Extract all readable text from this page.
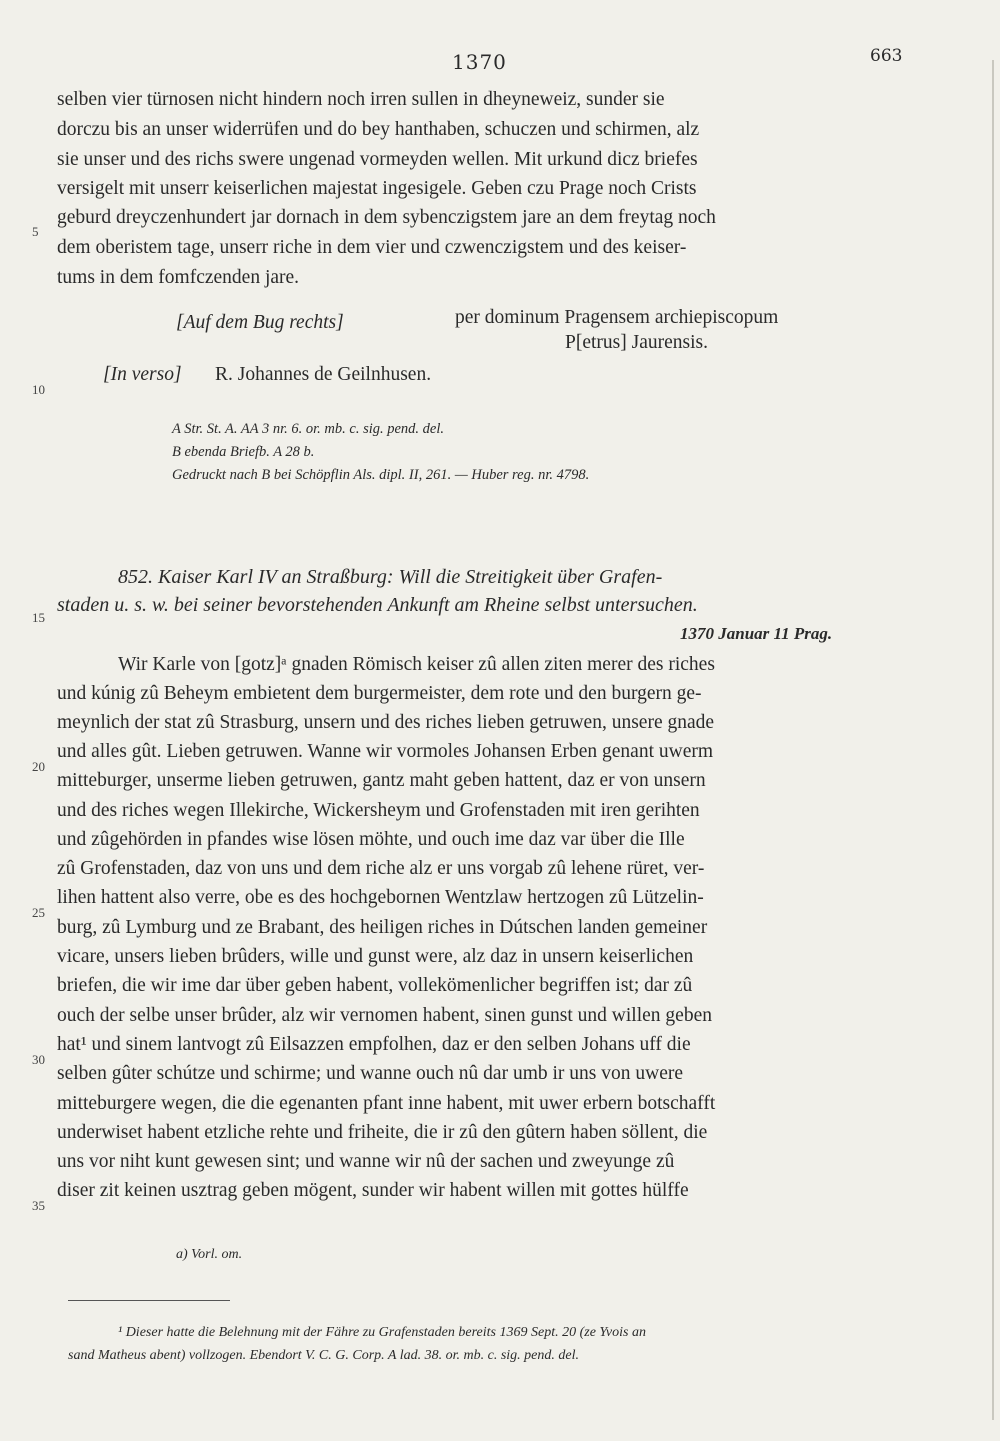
1370	663
selben vier türnosen nicht hindern noch irren sullen in dheyneweiz, sunder sie
dorczu bis an unser widerrüfen und do bey hanthaben, schuczen und schirmen, alz
sie unser und des richs swere ungenad vormeyden wellen. Mit urkund dicz briefes
versigelt mit unserr keiserlichen majestat ingesigele. Geben czu Prage noch Crists
5
geburd dreyczenhundert jar dornach in dem sybenczigstem jare an dem freytag noch
dem oberistem tage, unserr riche in dem vier und czwenczigstem und des keiser-
tums in dem fomfczenden jare.
[Auf dem Bug rechts]	per dominum Pragensem archiepiscopum
P[etrus] Jaurensis.
10
[In verso] R. Johannes de Geilnhusen.
A Str. St. A. AA 3 nr. 6. or. mb. c. sig. pend. del.
B ebenda Briefb. A 28 b.
Gedruckt nach B bei Schöpflin Als. dipl. II, 261. — Huber reg. nr. 4798.
852. Kaiser Karl IV an Straßburg: Will die Streitigkeit über Grafen-
15
staden u. s. w. bei seiner bevorstehenden Ankunft am Rheine selbst untersuchen.
1370 Januar 11 Prag.
Wir Karle von [gotz]ᵃ gnaden Römisch keiser zû allen ziten merer des riches
und kúnig zû Beheym embietent dem burgermeister, dem rote und den burgern ge-
meynlich der stat zû Strasburg, unsern und des riches lieben getruwen, unsere gnade
20
und alles gût. Lieben getruwen. Wanne wir vormoles Johansen Erben genant uwerm
mitteburger, unserme lieben getruwen, gantz maht geben hattent, daz er von unsern
und des riches wegen Illekirche, Wickersheym und Grofenstaden mit iren gerihten
und zûgehörden in pfandes wise lösen möhte, und ouch ime daz var über die Ille
zû Grofenstaden, daz von uns und dem riche alz er uns vorgab zû lehene rüret, ver-
25
lihen hattent also verre, obe es des hochgebornen Wentzlaw hertzogen zû Lützelin-
burg, zû Lymburg und ze Brabant, des heiligen riches in Dútschen landen gemeiner
vicare, unsers lieben brûders, wille und gunst were, alz daz in unsern keiserlichen
briefen, die wir ime dar über geben habent, vollekömenlicher begriffen ist; dar zû
ouch der selbe unser brûder, alz wir vernomen habent, sinen gunst und willen geben
30
hat¹ und sinem lantvogt zû Eilsazzen empfolhen, daz er den selben Johans uff die
selben gûter schútze und schirme; und wanne ouch nû dar umb ir uns von uwere
mitteburgere wegen, die die egenanten pfant inne habent, mit uwer erbern botschafft
underwiset habent etzliche rehte und friheite, die ir zû den gûtern haben söllent, die
uns vor niht kunt gewesen sint; und wanne wir nû der sachen und zweyunge zû
35
diser zit keinen usztrag geben mögent, sunder wir habent willen mit gottes hülffe
a) Vorl. om.
¹ Dieser hatte die Belehnung mit der Fähre zu Grafenstaden bereits 1369 Sept. 20 (ze Yvois an
sand Matheus abent) vollzogen. Ebendort V. C. G. Corp. A lad. 38. or. mb. c. sig. pend. del.
